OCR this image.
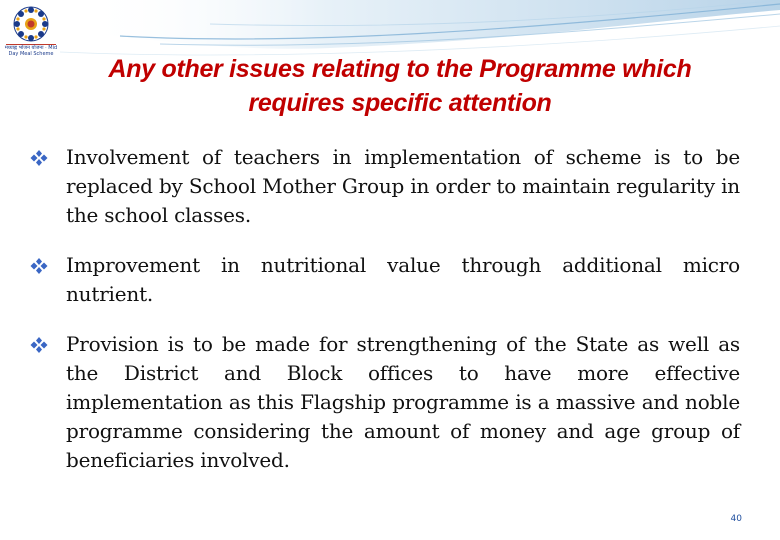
मध्याह्न भोजन योजना · Mid Day Meal Scheme
Any other issues relating to the Programme which requires specific attention

Involvement of teachers in implementation of scheme is to be replaced by School Mother Group in order to maintain regularity in the school classes.

Improvement in nutritional value through additional micro nutrient.

Provision is to be made for strengthening of the State as well as the District and Block offices to have more effective implementation as this Flagship programme is a massive and noble programme considering the amount of money and age group of beneficiaries involved.

40
